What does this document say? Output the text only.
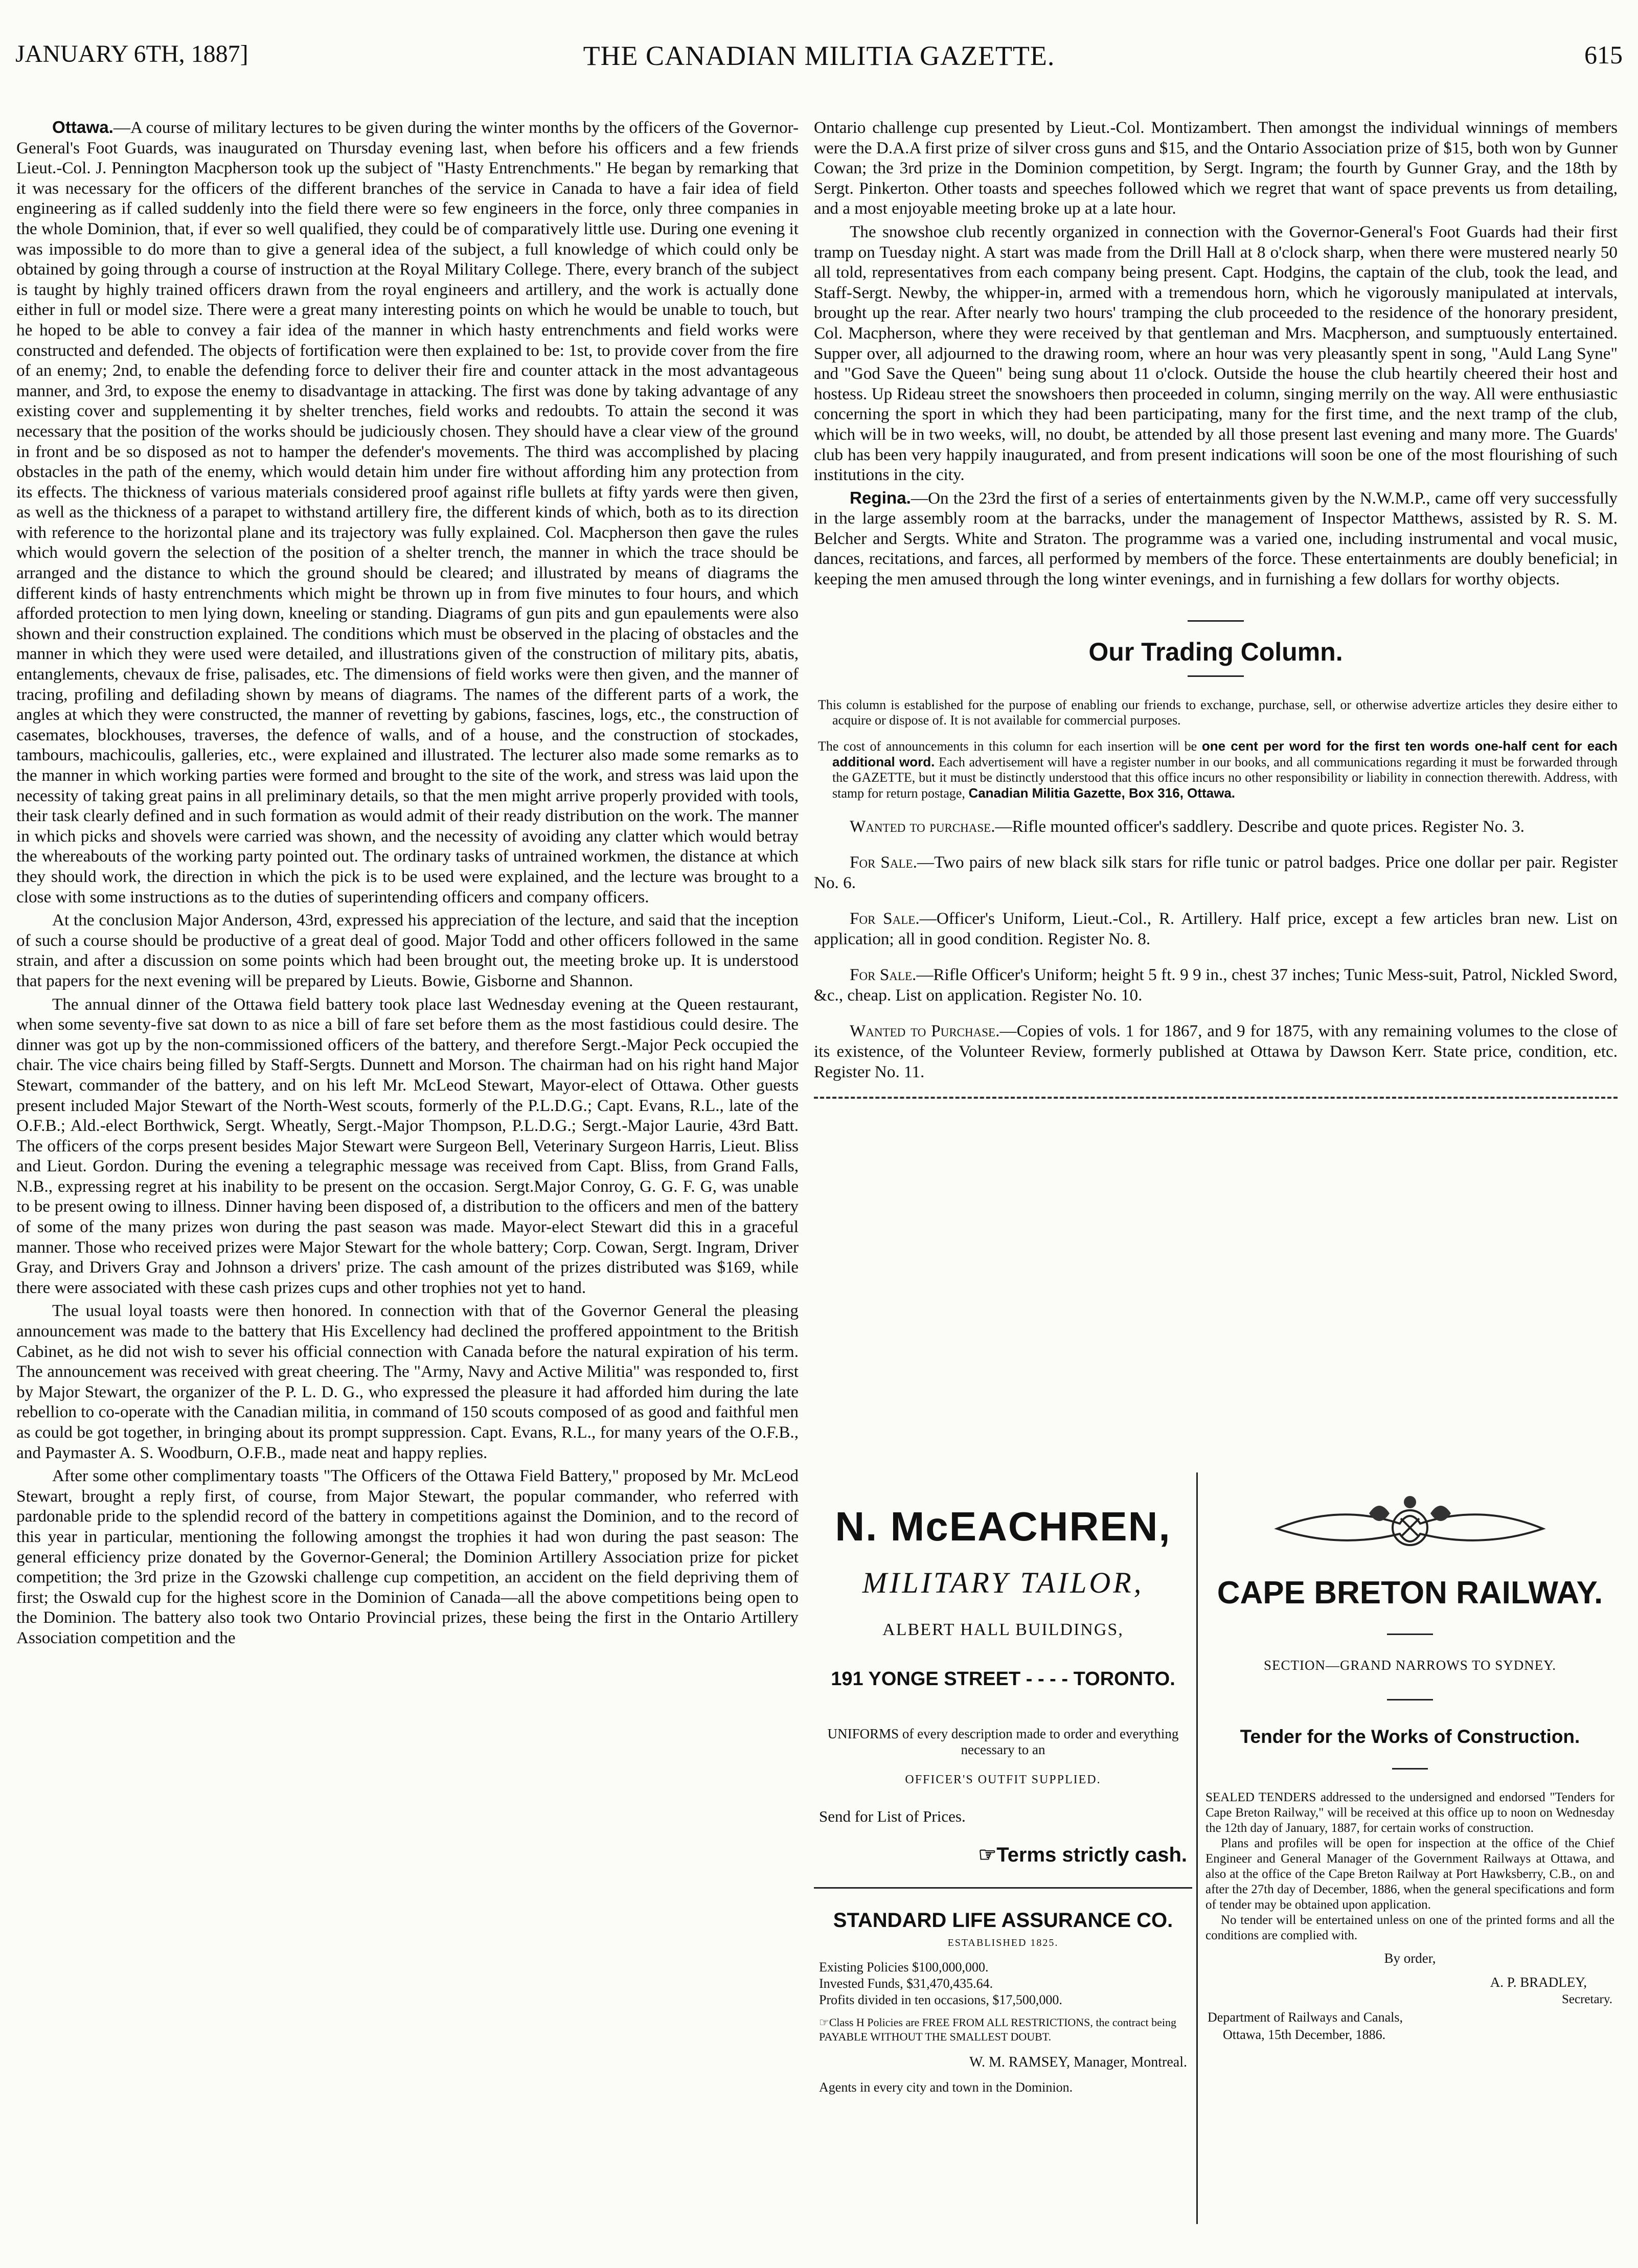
JANUARY 6TH, 1887]	THE CANADIAN MILITIA GAZETTE.	615

Ottawa.—A course of military lectures to be given during the winter months by the officers of the Governor-General's Foot Guards, was inaugurated on Thursday evening last, when before his officers and a few friends Lieut.-Col. J. Pennington Macpherson took up the subject of "Hasty Entrenchments." He began by remarking that it was necessary for the officers of the different branches of the service in Canada to have a fair idea of field engineering as if called suddenly into the field there were so few engineers in the force, only three companies in the whole Dominion, that, if ever so well qualified, they could be of comparatively little use. During one evening it was impossible to do more than to give a general idea of the subject, a full knowledge of which could only be obtained by going through a course of instruction at the Royal Military College. There, every branch of the subject is taught by highly trained officers drawn from the royal engineers and artillery, and the work is actually done either in full or model size. There were a great many interesting points on which he would be unable to touch, but he hoped to be able to convey a fair idea of the manner in which hasty entrenchments and field works were constructed and defended. The objects of fortification were then explained to be: 1st, to provide cover from the fire of an enemy; 2nd, to enable the defending force to deliver their fire and counter attack in the most advantageous manner, and 3rd, to expose the enemy to disadvantage in attacking. The first was done by taking advantage of any existing cover and supplementing it by shelter trenches, field works and redoubts. To attain the second it was necessary that the position of the works should be judiciously chosen. They should have a clear view of the ground in front and be so disposed as not to hamper the defender's movements. The third was accomplished by placing obstacles in the path of the enemy, which would detain him under fire without affording him any protection from its effects. The thickness of various materials considered proof against rifle bullets at fifty yards were then given, as well as the thickness of a parapet to withstand artillery fire, the different kinds of which, both as to its direction with reference to the horizontal plane and its trajectory was fully explained. Col. Macpherson then gave the rules which would govern the selection of the position of a shelter trench, the manner in which the trace should be arranged and the distance to which the ground should be cleared; and illustrated by means of diagrams the different kinds of hasty entrenchments which might be thrown up in from five minutes to four hours, and which afforded protection to men lying down, kneeling or standing. Diagrams of gun pits and gun epaulements were also shown and their construction explained. The conditions which must be observed in the placing of obstacles and the manner in which they were used were detailed, and illustrations given of the construction of military pits, abatis, entanglements, chevaux de frise, palisades, etc. The dimensions of field works were then given, and the manner of tracing, profiling and defilading shown by means of diagrams. The names of the different parts of a work, the angles at which they were constructed, the manner of revetting by gabions, fascines, logs, etc., the construction of casemates, blockhouses, traverses, the defence of walls, and of a house, and the construction of stockades, tambours, machicoulis, galleries, etc., were explained and illustrated. The lecturer also made some remarks as to the manner in which working parties were formed and brought to the site of the work, and stress was laid upon the necessity of taking great pains in all preliminary details, so that the men might arrive properly provided with tools, their task clearly defined and in such formation as would admit of their ready distribution on the work. The manner in which picks and shovels were carried was shown, and the necessity of avoiding any clatter which would betray the whereabouts of the working party pointed out. The ordinary tasks of untrained workmen, the distance at which they should work, the direction in which the pick is to be used were explained, and the lecture was brought to a close with some instructions as to the duties of superintending officers and company officers.

At the conclusion Major Anderson, 43rd, expressed his appreciation of the lecture, and said that the inception of such a course should be productive of a great deal of good. Major Todd and other officers followed in the same strain, and after a discussion on some points which had been brought out, the meeting broke up. It is understood that papers for the next evening will be prepared by Lieuts. Bowie, Gisborne and Shannon.

The annual dinner of the Ottawa field battery took place last Wednesday evening at the Queen restaurant, when some seventy-five sat down to as nice a bill of fare set before them as the most fastidious could desire. The dinner was got up by the non-commissioned officers of the battery, and therefore Sergt.-Major Peck occupied the chair. The vice chairs being filled by Staff-Sergts. Dunnett and Morson. The chairman had on his right hand Major Stewart, commander of the battery, and on his left Mr. McLeod Stewart, Mayor-elect of Ottawa. Other guests present included Major Stewart of the North-West scouts, formerly of the P.L.D.G.; Capt. Evans, R.L., late of the O.F.B.; Ald.-elect Borthwick, Sergt. Wheatly, Sergt.-Major Thompson, P.L.D.G.; Sergt.-Major Laurie, 43rd Batt. The officers of the corps present besides Major Stewart were Surgeon Bell, Veterinary Surgeon Harris, Lieut. Bliss and Lieut. Gordon. During the evening a telegraphic message was received from Capt. Bliss, from Grand Falls, N.B., expressing regret at his inability to be present on the occasion. Sergt.Major Conroy, G. G. F. G, was unable to be present owing to illness. Dinner having been disposed of, a distribution to the officers and men of the battery of some of the many prizes won during the past season was made. Mayor-elect Stewart did this in a graceful manner. Those who received prizes were Major Stewart for the whole battery; Corp. Cowan, Sergt. Ingram, Driver Gray, and Drivers Gray and Johnson a drivers' prize. The cash amount of the prizes distributed was $169, while there were associated with these cash prizes cups and other trophies not yet to hand.

The usual loyal toasts were then honored. In connection with that of the Governor General the pleasing announcement was made to the battery that His Excellency had declined the proffered appointment to the British Cabinet, as he did not wish to sever his official connection with Canada before the natural expiration of his term. The announcement was received with great cheering. The "Army, Navy and Active Militia" was responded to, first by Major Stewart, the organizer of the P. L. D. G., who expressed the pleasure it had afforded him during the late rebellion to co-operate with the Canadian militia, in command of 150 scouts composed of as good and faithful men as could be got together, in bringing about its prompt suppression. Capt. Evans, R.L., for many years of the O.F.B., and Paymaster A. S. Woodburn, O.F.B., made neat and happy replies.

After some other complimentary toasts "The Officers of the Ottawa Field Battery," proposed by Mr. McLeod Stewart, brought a reply first, of course, from Major Stewart, the popular commander, who referred with pardonable pride to the splendid record of the battery in competitions against the Dominion, and to the record of this year in particular, mentioning the following amongst the trophies it had won during the past season: The general efficiency prize donated by the Governor-General; the Dominion Artillery Association prize for picket competition; the 3rd prize in the Gzowski challenge cup competition, an accident on the field depriving them of first; the Oswald cup for the highest score in the Dominion of Canada—all the above competitions being open to the Dominion. The battery also took two Ontario Provincial prizes, these being the first in the Ontario Artillery Association competition and the

Ontario challenge cup presented by Lieut.-Col. Montizambert. Then amongst the individual winnings of members were the D.A.A first prize of silver cross guns and $15, and the Ontario Association prize of $15, both won by Gunner Cowan; the 3rd prize in the Dominion competition, by Sergt. Ingram; the fourth by Gunner Gray, and the 18th by Sergt. Pinkerton. Other toasts and speeches followed which we regret that want of space prevents us from detailing, and a most enjoyable meeting broke up at a late hour.

The snowshoe club recently organized in connection with the Governor-General's Foot Guards had their first tramp on Tuesday night. A start was made from the Drill Hall at 8 o'clock sharp, when there were mustered nearly 50 all told, representatives from each company being present. Capt. Hodgins, the captain of the club, took the lead, and Staff-Sergt. Newby, the whipper-in, armed with a tremendous horn, which he vigorously manipulated at intervals, brought up the rear. After nearly two hours' tramping the club proceeded to the residence of the honorary president, Col. Macpherson, where they were received by that gentleman and Mrs. Macpherson, and sumptuously entertained. Supper over, all adjourned to the drawing room, where an hour was very pleasantly spent in song, "Auld Lang Syne" and "God Save the Queen" being sung about 11 o'clock. Outside the house the club heartily cheered their host and hostess. Up Rideau street the snowshoers then proceeded in column, singing merrily on the way. All were enthusiastic concerning the sport in which they had been participating, many for the first time, and the next tramp of the club, which will be in two weeks, will, no doubt, be attended by all those present last evening and many more. The Guards' club has been very happily inaugurated, and from present indications will soon be one of the most flourishing of such institutions in the city.

Regina.—On the 23rd the first of a series of entertainments given by the N.W.M.P., came off very successfully in the large assembly room at the barracks, under the management of Inspector Matthews, assisted by R. S. M. Belcher and Sergts. White and Straton. The programme was a varied one, including instrumental and vocal music, dances, recitations, and farces, all performed by members of the force. These entertainments are doubly beneficial; in keeping the men amused through the long winter evenings, and in furnishing a few dollars for worthy objects.

Our Trading Column.
This column is established for the purpose of enabling our friends to exchange, purchase, sell, or otherwise advertize articles they desire either to acquire or dispose of. It is not available for commercial purposes.
The cost of announcements in this column for each insertion will be one cent per word for the first ten words one-half cent for each additional word. Each advertisement will have a register number in our books, and all communications regarding it must be forwarded through the GAZETTE, but it must be distinctly understood that this office incurs no other responsibility or liability in connection therewith. Address, with stamp for return postage, Canadian Militia Gazette, Box 316, Ottawa.
Wanted to purchase.—Rifle mounted officer's saddlery. Describe and quote prices. Register No. 3.
For Sale.—Two pairs of new black silk stars for rifle tunic or patrol badges. Price one dollar per pair. Register No. 6.
For Sale.—Officer's Uniform, Lieut.-Col., R. Artillery. Half price, except a few articles bran new. List on application; all in good condition. Register No. 8.
For Sale.—Rifle Officer's Uniform; height 5 ft. 9 9 in., chest 37 inches; Tunic Mess-suit, Patrol, Nickled Sword, &c., cheap. List on application. Register No. 10.
Wanted to Purchase.—Copies of vols. 1 for 1867, and 9 for 1875, with any remaining volumes to the close of its existence, of the Volunteer Review, formerly published at Ottawa by Dawson Kerr. State price, condition, etc. Register No. 11.
N. McEACHREN,
MILITARY TAILOR,
ALBERT HALL BUILDINGS,
191 YONGE STREET - - - - TORONTO.
UNIFORMS of every description made to order and everything necessary to an
OFFICER'S OUTFIT SUPPLIED.
Send for List of Prices.
☞Terms strictly cash.
STANDARD LIFE ASSURANCE CO.
ESTABLISHED 1825.
Existing Policies $100,000,000.
Invested Funds, $31,470,435.64.
Profits divided in ten occasions, $17,500,000.
☞Class H Policies are FREE FROM ALL RESTRICTIONS, the contract being PAYABLE WITHOUT THE SMALLEST DOUBT.
W. M. RAMSEY, Manager, Montreal.
Agents in every city and town in the Dominion.
CAPE BRETON RAILWAY.
SECTION—GRAND NARROWS TO SYDNEY.
Tender for the Works of Construction.

SEALED TENDERS addressed to the undersigned and endorsed "Tenders for Cape Breton Railway," will be received at this office up to noon on Wednesday the 12th day of January, 1887, for certain works of construction.

Plans and profiles will be open for inspection at the office of the Chief Engineer and General Manager of the Government Railways at Ottawa, and also at the office of the Cape Breton Railway at Port Hawksberry, C.B., on and after the 27th day of December, 1886, when the general specifications and form of tender may be obtained upon application.

No tender will be entertained unless on one of the printed forms and all the conditions are complied with.

By order,
A. P. BRADLEY,
Secretary.
Department of Railways and Canals,
Ottawa, 15th December, 1886.
